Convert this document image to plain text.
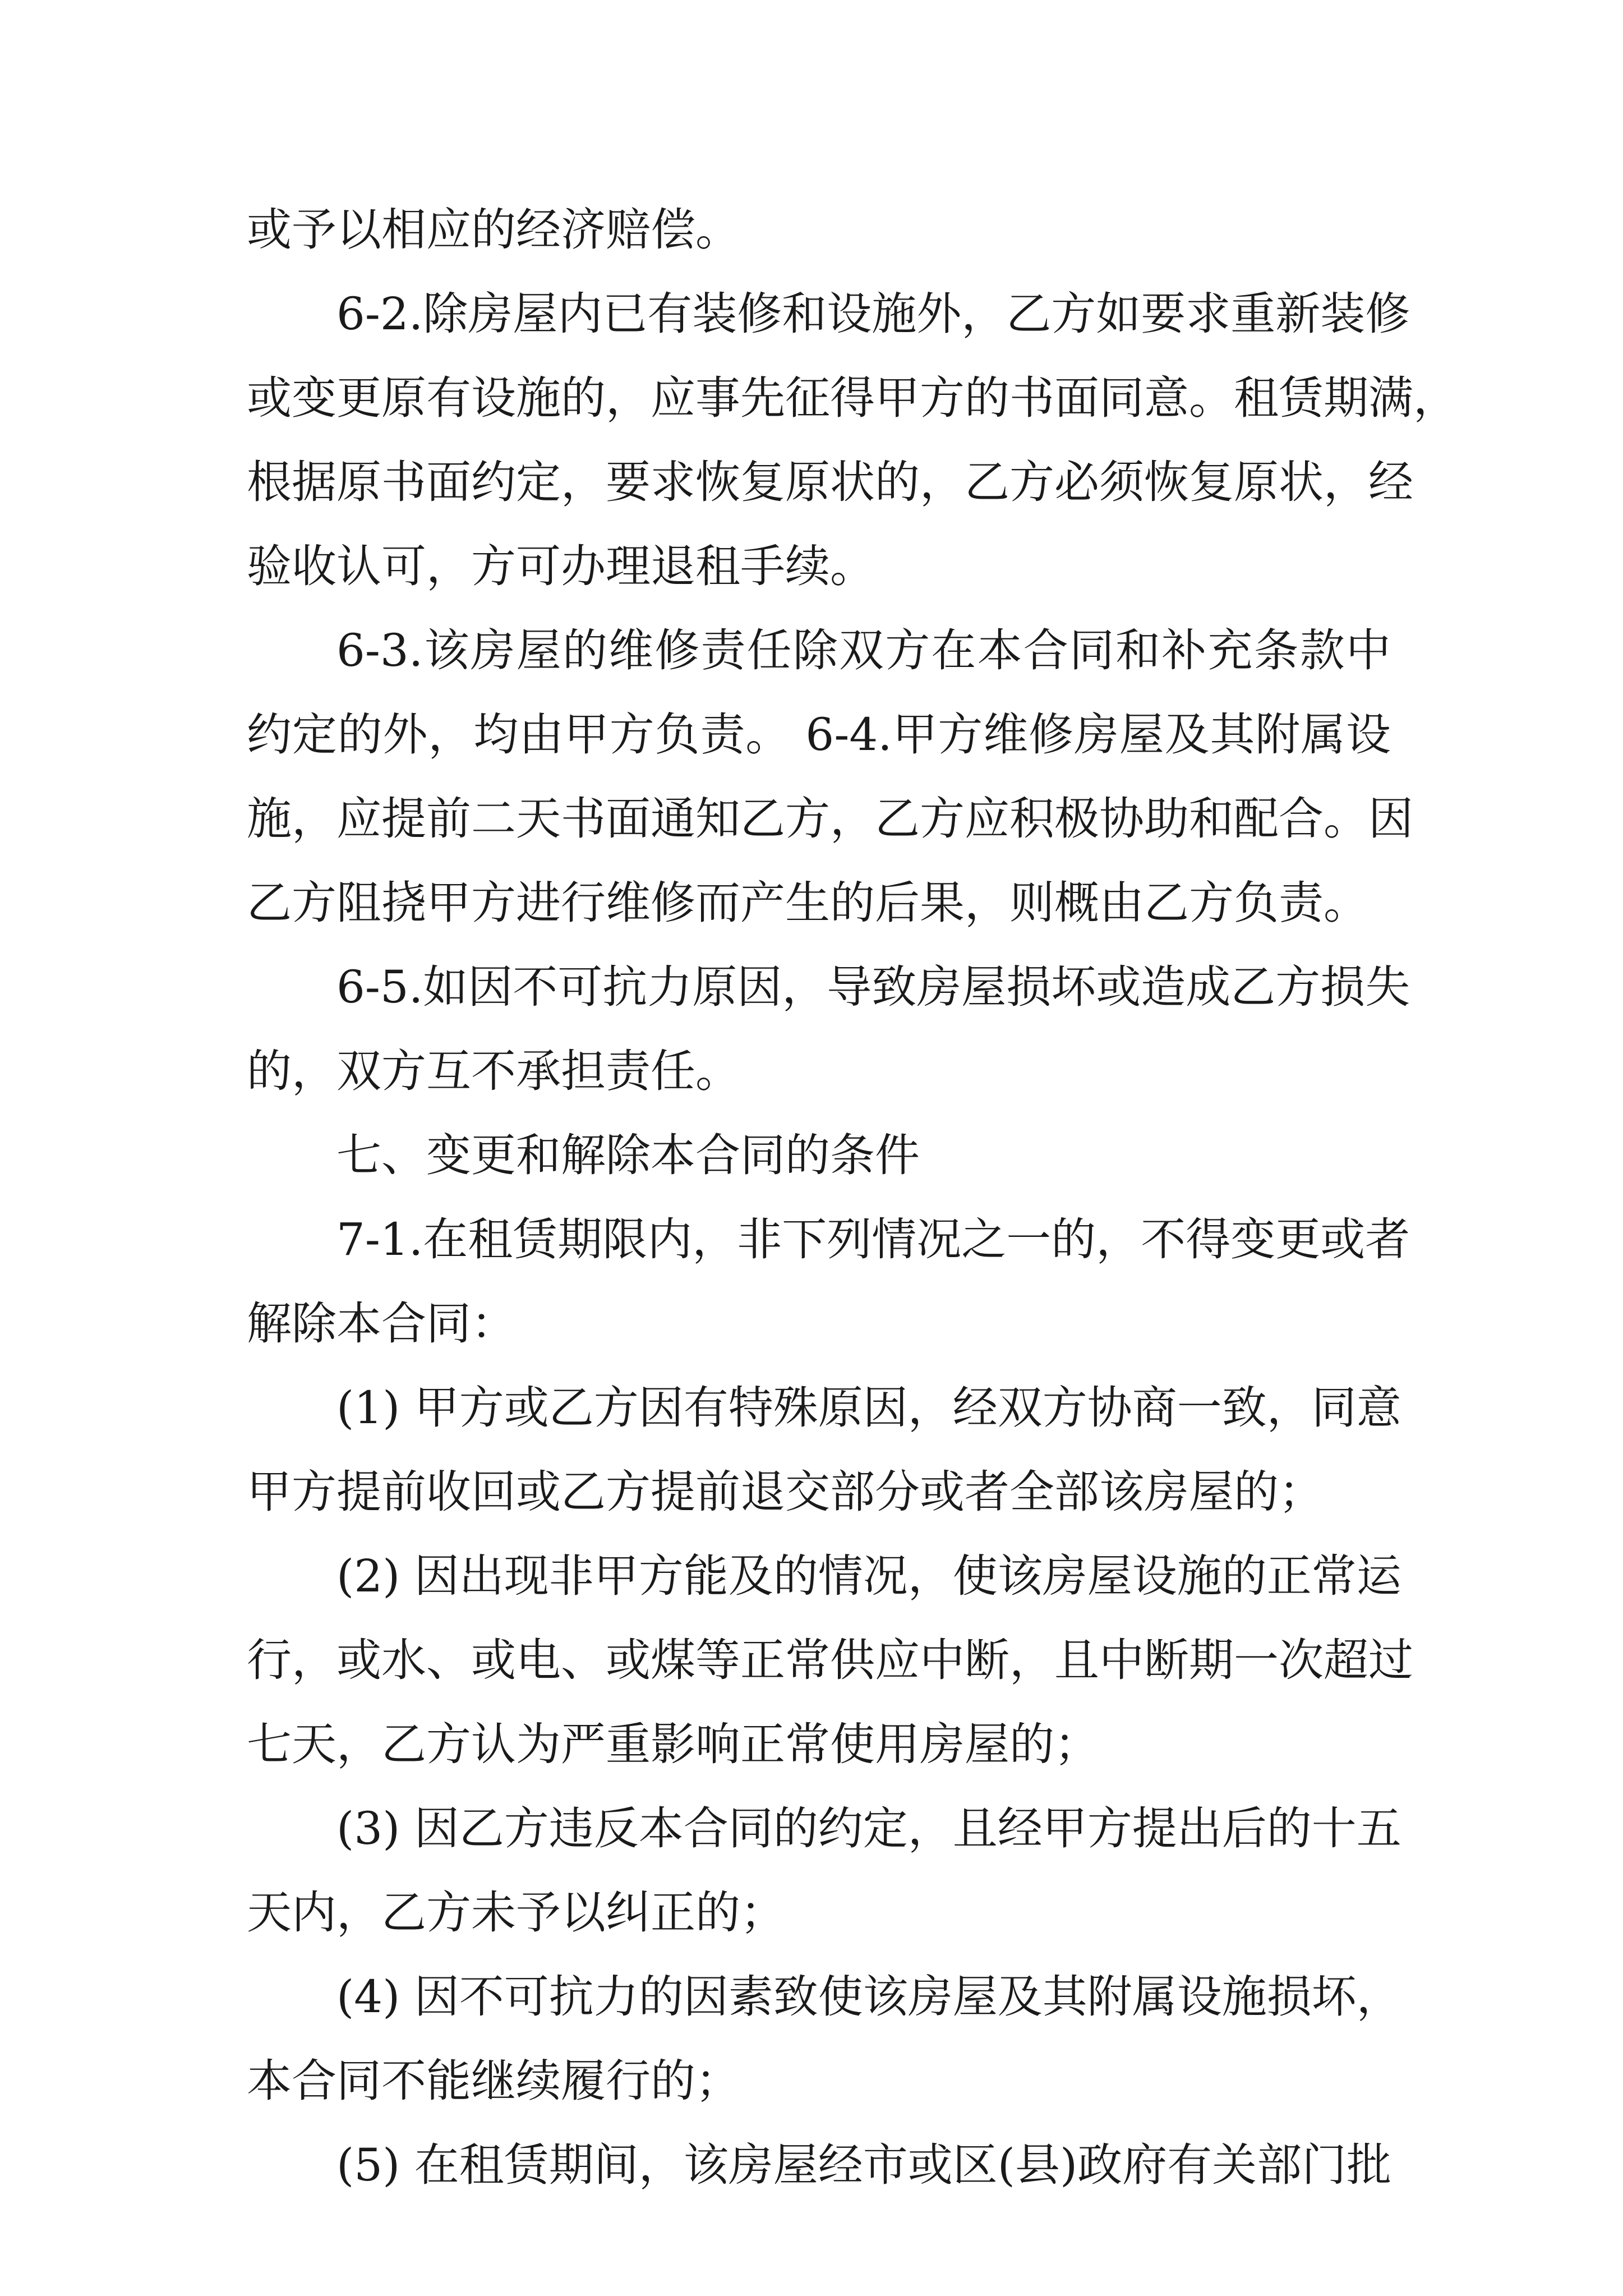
或予以相应的经济赔偿。
6-2.除房屋内已有装修和设施外，乙方如要求重新装修
或变更原有设施的，应事先征得甲方的书面同意。租赁期满，
根据原书面约定，要求恢复原状的，乙方必须恢复原状，经
验收认可，方可办理退租手续。
6-3.该房屋的维修责任除双方在本合同和补充条款中
约定的外，均由甲方负责。 6-4.甲方维修房屋及其附属设
施，应提前二天书面通知乙方，乙方应积极协助和配合。因
乙方阻挠甲方进行维修而产生的后果，则概由乙方负责。
6-5.如因不可抗力原因，导致房屋损坏或造成乙方损失
的，双方互不承担责任。
七、变更和解除本合同的条件
7-1.在租赁期限内，非下列情况之一的，不得变更或者
解除本合同：
(1) 甲方或乙方因有特殊原因，经双方协商一致，同意
甲方提前收回或乙方提前退交部分或者全部该房屋的；
(2) 因出现非甲方能及的情况，使该房屋设施的正常运
行，或水、或电、或煤等正常供应中断，且中断期一次超过
七天，乙方认为严重影响正常使用房屋的；
(3) 因乙方违反本合同的约定，且经甲方提出后的十五
天内，乙方未予以纠正的；
(4) 因不可抗力的因素致使该房屋及其附属设施损坏，
本合同不能继续履行的；
(5) 在租赁期间，该房屋经市或区(县)政府有关部门批
